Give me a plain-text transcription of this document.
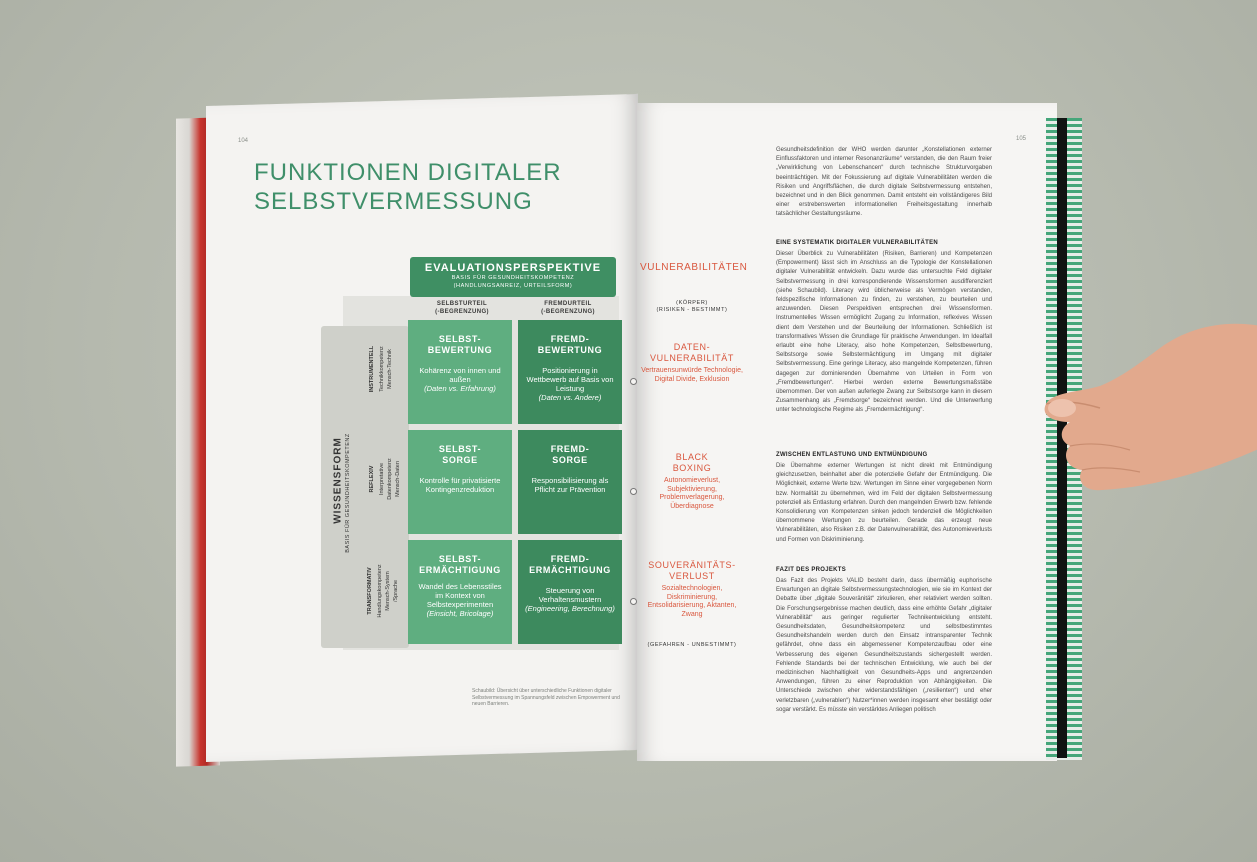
104	105
FUNKTIONEN DIGITALER
SELBSTVERMESSUNG
EVALUATIONSPERSPEKTIVE
BASIS FÜR GESUNDHEITSKOMPETENZ
(HANDLUNGSANREIZ, URTEILSFORM)
SELBSTURTEIL
(-BEGRENZUNG)
FREMDURTEIL
(-BEGRENZUNG)
WISSENSFORM BASIS FÜR GESUNDHEITSKOMPETENZ
INSTRUMENTELL Technikkompetenz Mensch-Technik
REFLEXIV Interpretative Datenkompetenz Mensch-Daten
TRANSFORMATIV Handlungskompetenz Mensch-System /Sprache
SELBST-
BEWERTUNG
Kohärenz von innen und außen
(Daten vs. Erfahrung)
FREMD-
BEWERTUNG
Positionierung in Wettbewerb auf Basis von Leistung
(Daten vs. Andere)
SELBST-
SORGE
Kontrolle für privatisierte Kontingenzreduktion
FREMD-
SORGE
Responsibilisierung als Pflicht zur Prävention
SELBST-
ERMÄCHTIGUNG
Wandel des Lebensstiles im Kontext von Selbstexperimenten
(Einsicht, Bricolage)
FREMD-
ERMÄCHTIGUNG
Steuerung von Verhaltensmustern
(Engineering, Berechnung)
VULNERABILITÄTEN
(KÖRPER)
(RISIKEN - BESTIMMT)
DATEN-
VULNERABILITÄT
Vertrauensunwürde Technologie, Digital Divide, Exklusion
BLACK
BOXING
Autonomieverlust, Subjektivierung, Problemverlagerung, Überdiagnose
SOUVERÄNITÄTS-
VERLUST
Sozialtechnologien, Diskriminierung, Entsolidarisierung, Aktanten, Zwang
(GEFAHREN - UNBESTIMMT)
Schaubild: Übersicht über unterschiedliche Funktionen digitaler Selbstvermessung im Spannungsfeld zwischen Empowerment und neuen Barrieren.
Gesundheitsdefinition der WHO werden darunter „Konstellationen externer Einflussfaktoren und interner Resonanzräume“ verstanden, die den Raum freier „Verwirklichung von Lebenschancen“ durch technische Strukturvorgaben beeinträchtigen. Mit der Fokussierung auf digitale Vulnerabilitäten werden die Risiken und Angriffsflächen, die durch digitale Selbstvermessung entstehen, bezeichnet und in den Blick genommen. Damit entsteht ein vollständigeres Bild einer erstrebenswerten informationellen Freiheitsgestaltung innerhalb tatsächlicher Gestaltungsräume.
EINE SYSTEMATIK DIGITALER VULNERABILITÄTEN
Dieser Überblick zu Vulnerabilitäten (Risiken, Barrieren) und Kompetenzen (Empowerment) lässt sich im Anschluss an die Typologie der Konstellationen digitaler Vulnerabilität entwickeln. Dazu wurde das untersuchte Feld digitaler Selbstvermessung in drei korrespondierende Wissensformen ausdifferenziert (siehe Schaubild). Literacy wird üblicherweise als Vermögen verstanden, feldspezifische Informationen zu finden, zu verstehen, zu beurteilen und anzuwenden. Diesen Perspektiven entsprechen drei Wissensformen. Instrumentelles Wissen ermöglicht Zugang zu Information, reflexives Wissen dient dem Verstehen und der Beurteilung der Informationen. Schließlich ist transformatives Wissen die Grundlage für praktische Anwendungen. Im Idealfall erlaubt eine hohe Literacy, also hohe Kompetenzen, Selbstbewertung, Selbstsorge sowie Selbstermächtigung im Umgang mit digitaler Selbstvermessung. Eine geringe Literacy, also mangelnde Kompetenzen, führen dagegen zur dominierenden Übernahme von Urteilen in Form von „Fremdbewertungen“. Hierbei werden externe Bewertungsmaßstäbe übernommen. Der von außen auferlegte Zwang zur Selbstsorge kann in diesem Zusammenhang als „Fremdsorge“ bezeichnet werden. Und die Unterwerfung unter technologische Regime als „Fremdermächtigung“.
ZWISCHEN ENTLASTUNG UND ENTMÜNDIGUNG
Die Übernahme externer Wertungen ist nicht direkt mit Entmündigung gleichzusetzen, beinhaltet aber die potenzielle Gefahr der Entmündigung. Die Möglichkeit, externe Werte bzw. Wertungen im Sinne einer vorgegebenen Norm bzw. Normalität zu übernehmen, wird im Feld der digitalen Selbstvermessung potenziell als Entlastung erfahren. Durch den mangelnden Erwerb bzw. fehlende Konsolidierung von Kompetenzen sinken jedoch tendenziell die Möglichkeiten übernommene Wertungen zu beurteilen. Gerade das erzeugt neue Vulnerabilitäten, also Risiken z.B. der Datenvulnerabilität, des Autonomieverlusts und Formen von Diskriminierung.
FAZIT DES PROJEKTS
Das Fazit des Projekts VALID besteht darin, dass übermäßig euphorische Erwartungen an digitale Selbstvermessungstechnologien, wie sie im Kontext der Debatte über „digitale Souveränität“ zirkulieren, eher relativiert werden sollten. Die Forschungsergebnisse machen deutlich, dass eine erhöhte Gefahr „digitaler Vulnerabilität“ aus geringer regulierter Technikentwicklung entsteht. Gesundheitsdaten, Gesundheitskompetenz und selbstbestimmtes Gesundheitshandeln werden durch den Einsatz intransparenter Technik gefährdet, ohne dass ein abgemessener Kompetenzaufbau oder eine Verbesserung des eigenen Gesundheitszustands sichergestellt werden. Fehlende Standards bei der technischen Entwicklung, wie auch bei der medizinischen Nachhaltigkeit von Gesundheits-Apps und angrenzenden Anwendungen, führen zu einer Reproduktion von Abhängigkeiten. Die Unterschiede zwischen eher widerstandsfähigen („resilienten“) und eher verletzbaren („vulnerablen“) Nutzer*innen werden insgesamt eher bestätigt oder sogar verstärkt. Es müsste ein verstärktes Anliegen politisch
